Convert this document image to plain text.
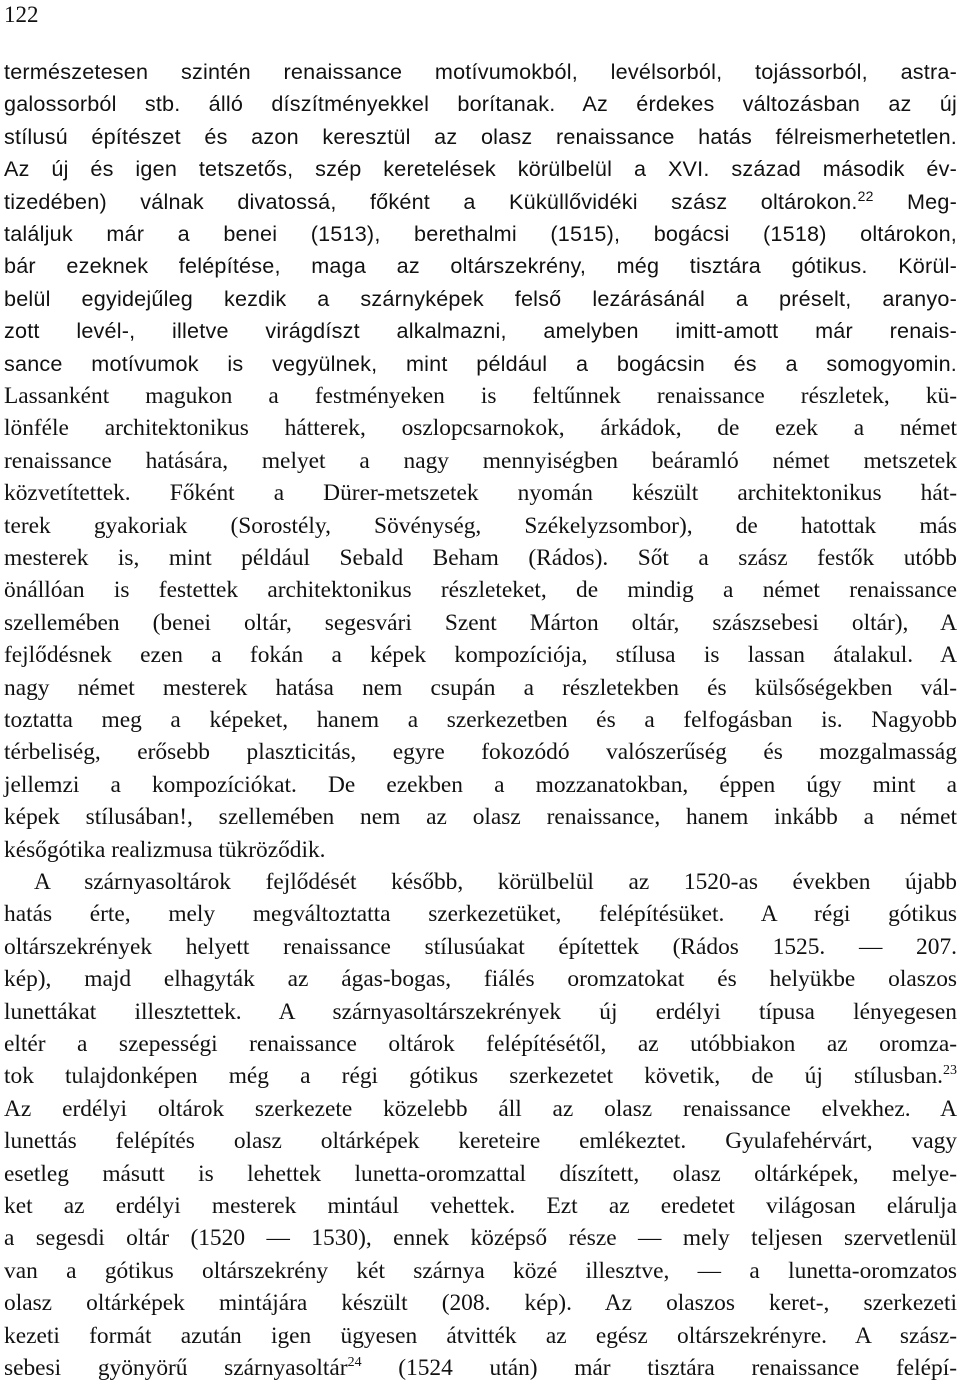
122
természetesen szintén renaissance motívumokból, levélsorból, tojássorból, astra-
galossorból stb. álló díszítményekkel borítanak. Az érdekes változásban az új
stílusú építészet és azon keresztül az olasz renaissance hatás félreismerhetetlen.
Az új és igen tetszetős, szép keretelések körülbelül a XVI. század második év-
tizedében) válnak divatossá, főként a Küküllővidéki szász oltárokon.$^{22}$ Meg-
találjuk már a benei (1513), berethalmi (1515), bogácsi (1518) oltárokon,
bár ezeknek felépítése, maga az oltárszekrény, még tisztára gótikus. Körül-
belül egyidejűleg kezdik a szárnyképek felső lezárásánál a préselt, aranyo-
zott levél-, illetve virágdíszt alkalmazni, amelyben imitt-amott már renais-
sance motívumok is vegyülnek, mint például a bogácsin és a somogyomin.
Lassanként magukon a festményeken is feltűnnek renaissance részletek, kü-
lönféle architektonikus hátterek, oszlopcsarnokok, árkádok, de ezek a német
renaissance hatására, melyet a nagy mennyiségben beáramló német metszetek
közvetítettek. Főként a Dürer-metszetek nyomán készült architektonikus hát-
terek gyakoriak (Sorostély, Sövénység, Székelyzsombor), de hatottak más
mesterek is, mint például Sebald Beham (Rádos). Sőt a szász festők utóbb
önállóan is festettek architektonikus részleteket, de mindig a német renaissance
szellemében (benei oltár, segesvári Szent Márton oltár, szászsebesi oltár), A
fejlődésnek ezen a fokán a képek kompozíciója, stílusa is lassan átalakul. A
nagy német mesterek hatása nem csupán a részletekben és külsőségekben vál-
toztatta meg a képeket, hanem a szerkezetben és a felfogásban is. Nagyobb
térbeliség, erősebb plaszticitás, egyre fokozódó valószerűség és mozgalmasság
jellemzi a kompozíciókat. De ezekben a mozzanatokban, éppen úgy mint a
képek stílusában!, szellemében nem az olasz renaissance, hanem inkább a német
későgótika realizmusa tükröződik.
A szárnyasoltárok fejlődését később, körülbelül az 1520-as években újabb
hatás érte, mely megváltoztatta szerkezetüket, felépítésüket. A régi gótikus
oltárszekrények helyett renaissance stílusúakat építettek (Rádos 1525. — 207.
kép), majd elhagyták az ágas-bogas, fiálés oromzatokat és helyükbe olaszos
lunettákat illesztettek. A szárnyasoltárszekrények új erdélyi típusa lényegesen
eltér a szepességi renaissance oltárok felépítésétől, az utóbbiakon az oromza-
tok tulajdonképen még a régi gótikus szerkezetet követik, de új stílusban.$^{23}$
Az erdélyi oltárok szerkezete közelebb áll az olasz renaissance elvekhez. A
lunettás felépítés olasz oltárképek kereteire emlékeztet. Gyulafehérvárt, vagy
esetleg másutt is lehettek lunetta-oromzattal díszített, olasz oltárképek, melye-
ket az erdélyi mesterek mintául vehettek. Ezt az eredetet világosan elárulja
a segesdi oltár (1520 — 1530), ennek középső része — mely teljesen szervetlenül
van a gótikus oltárszekrény két szárnya közé illesztve, — a lunetta-oromzatos
olasz oltárképek mintájára készült (208. kép). Az olaszos keret-, szerkezeti
kezeti formát azután igen ügyesen átvitték az egész oltárszekrényre. A szász-
sebesi gyönyörű szárnyasoltár$^{24}$ (1524 után) már tisztára renaissance felépí-
